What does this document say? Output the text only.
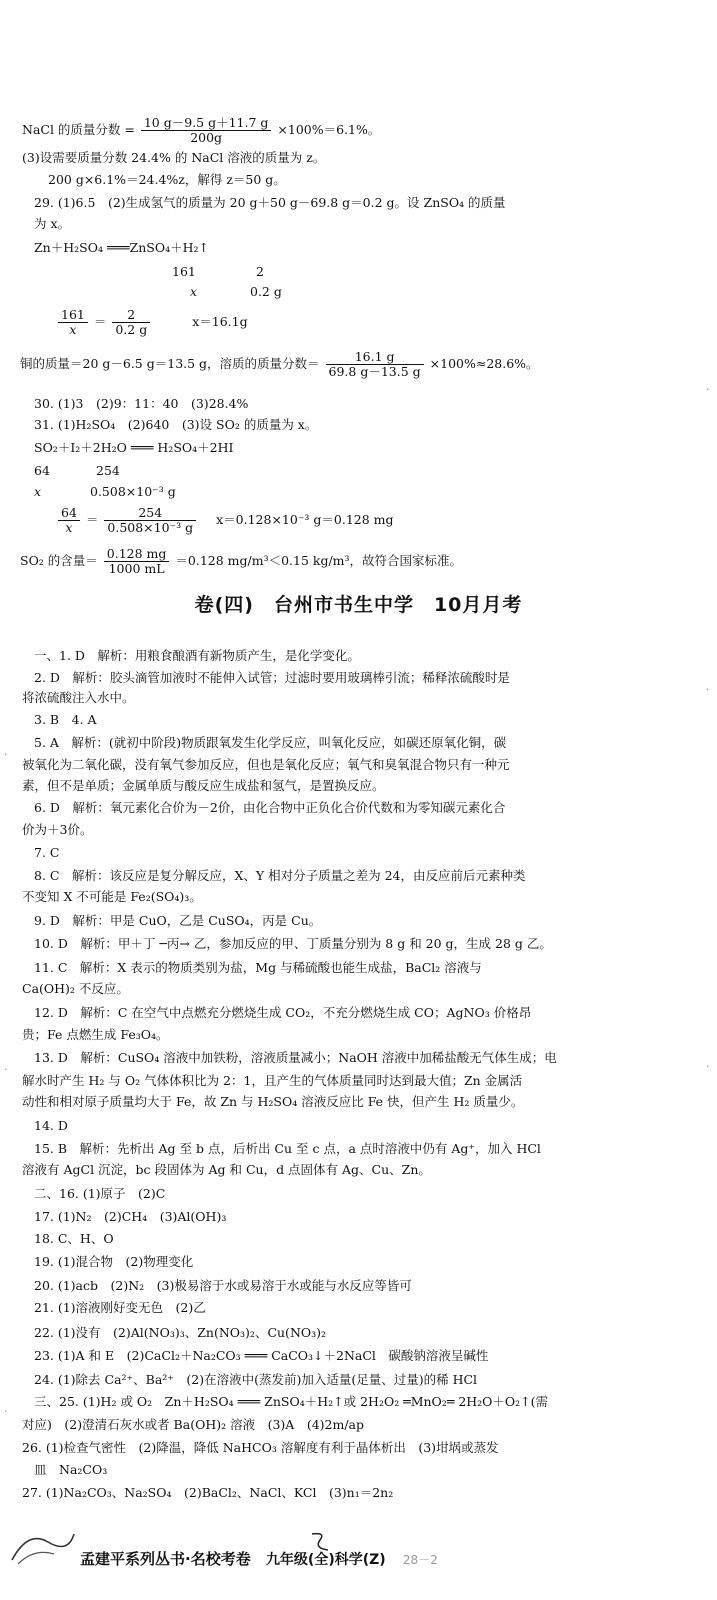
NaCl 的质量分数 = $\frac{10 g-9.5 g+11.7 g}{200g} \times 100\%=6.1\%$。
(3)设需要质量分数 24.4% 的 NaCl 溶液的质量为 z。
200 g×6.1%＝24.4%z，解得 z＝50 g。
29. (1)6.5　(2)生成氢气的质量为 20 g＋50 g－69.8 g＝0.2 g。设 ZnSO₄ 的质量
为 x。
Zn＋H₂SO₄ ═══ZnSO₄＋H₂↑
161	2
x	0.2 g
$\frac{161}{x} = \frac{2}{0.2 g}$	x＝16.1g
铜的质量＝20 g－6.5 g＝13.5 g，溶质的质量分数＝ $\frac{16.1 g}{69.8 g-13.5 g} \times 100\%\approx 28.6\%$。
30. (1)3　(2)9：11：40　(3)28.4%
31. (1)H₂SO₄　(2)640　(3)设 SO₂ 的质量为 x。
SO₂＋I₂＋2H₂O ═══ H₂SO₄＋2HI
64	254
x	0.508×10⁻³ g
$\frac{64}{x} = \frac{254}{\text{0.508×10⁻³ g}} x=0.128\times 10^{-3}$ g＝0.128 mg
SO₂ 的含量＝ $\frac{0.128 mg}{1000 mL} =0.128$ mg/m³＜0.15 kg/m³，故符合国家标准。
卷(四)　台州市书生中学　10月月考
一、1. D　解析：用粮食酿酒有新物质产生，是化学变化。
2. D　解析：胶头滴管加液时不能伸入试管；过滤时要用玻璃棒引流；稀释浓硫酸时是
将浓硫酸注入水中。
3. B　4. A
5. A　解析：(就初中阶段)物质跟氧发生化学反应，叫氧化反应，如碳还原氧化铜，碳
被氧化为二氧化碳，没有氧气参加反应，但也是氧化反应；氧气和臭氧混合物只有一种元
素，但不是单质；金属单质与酸反应生成盐和氢气，是置换反应。
6. D　解析：氧元素化合价为－2价，由化合物中正负化合价代数和为零知碳元素化合
价为＋3价。
7. C
8. C　解析：该反应是复分解反应，X、Y 相对分子质量之差为 24，由反应前后元素种类
不变知 X 不可能是 Fe₂(SO₄)₃。
9. D　解析：甲是 CuO，乙是 CuSO₄，丙是 Cu。
10. D　解析：甲＋丁 ─丙→ 乙，参加反应的甲、丁质量分别为 8 g 和 20 g，生成 28 g 乙。
11. C　解析：X 表示的物质类别为盐，Mg 与稀硫酸也能生成盐，BaCl₂ 溶液与
Ca(OH)₂ 不反应。
12. D　解析：C 在空气中点燃充分燃烧生成 CO₂，不充分燃烧生成 CO；AgNO₃ 价格昂
贵；Fe 点燃生成 Fe₃O₄。
13. D　解析：CuSO₄ 溶液中加铁粉，溶液质量减小；NaOH 溶液中加稀盐酸无气体生成；电
解水时产生 H₂ 与 O₂ 气体体积比为 2：1，且产生的气体质量同时达到最大值；Zn 金属活
动性和相对原子质量均大于 Fe，故 Zn 与 H₂SO₄ 溶液反应比 Fe 快，但产生 H₂ 质量少。
14. D
15. B　解析：先析出 Ag 至 b 点，后析出 Cu 至 c 点，a 点时溶液中仍有 Ag⁺，加入 HCl
溶液有 AgCl 沉淀，bc 段固体为 Ag 和 Cu，d 点固体有 Ag、Cu、Zn。
二、16. (1)原子　(2)C
17. (1)N₂　(2)CH₄　(3)Al(OH)₃
18. C、H、O
19. (1)混合物　(2)物理变化
20. (1)acb　(2)N₂　(3)极易溶于水或易溶于水或能与水反应等皆可
21. (1)溶液刚好变无色　(2)乙
22. (1)没有　(2)Al(NO₃)₃、Zn(NO₃)₂、Cu(NO₃)₂
23. (1)A 和 E　(2)CaCl₂＋Na₂CO₃ ═══ CaCO₃↓＋2NaCl　碳酸钠溶液呈碱性
24. (1)除去 Ca²⁺、Ba²⁺　(2)在溶液中(蒸发前)加入适量(足量、过量)的稀 HCl
三、25. (1)H₂ 或 O₂　Zn＋H₂SO₄ ═══ ZnSO₄＋H₂↑或 2H₂O₂ ═MnO₂═ 2H₂O＋O₂↑(需
对应)　(2)澄清石灰水或者 Ba(OH)₂ 溶液　(3)A　(4)2m/ap
26. (1)检查气密性　(2)降温，降低 NaHCO₃ 溶解度有利于晶体析出　(3)坩埚或蒸发
皿　Na₂CO₃
27. (1)Na₂CO₃、Na₂SO₄　(2)BaCl₂、NaCl、KCl　(3)n₁＝2n₂
·
·
·
·
·
·
孟建平系列丛书·名校考卷 九年级(全)科学(Z) 28－2
